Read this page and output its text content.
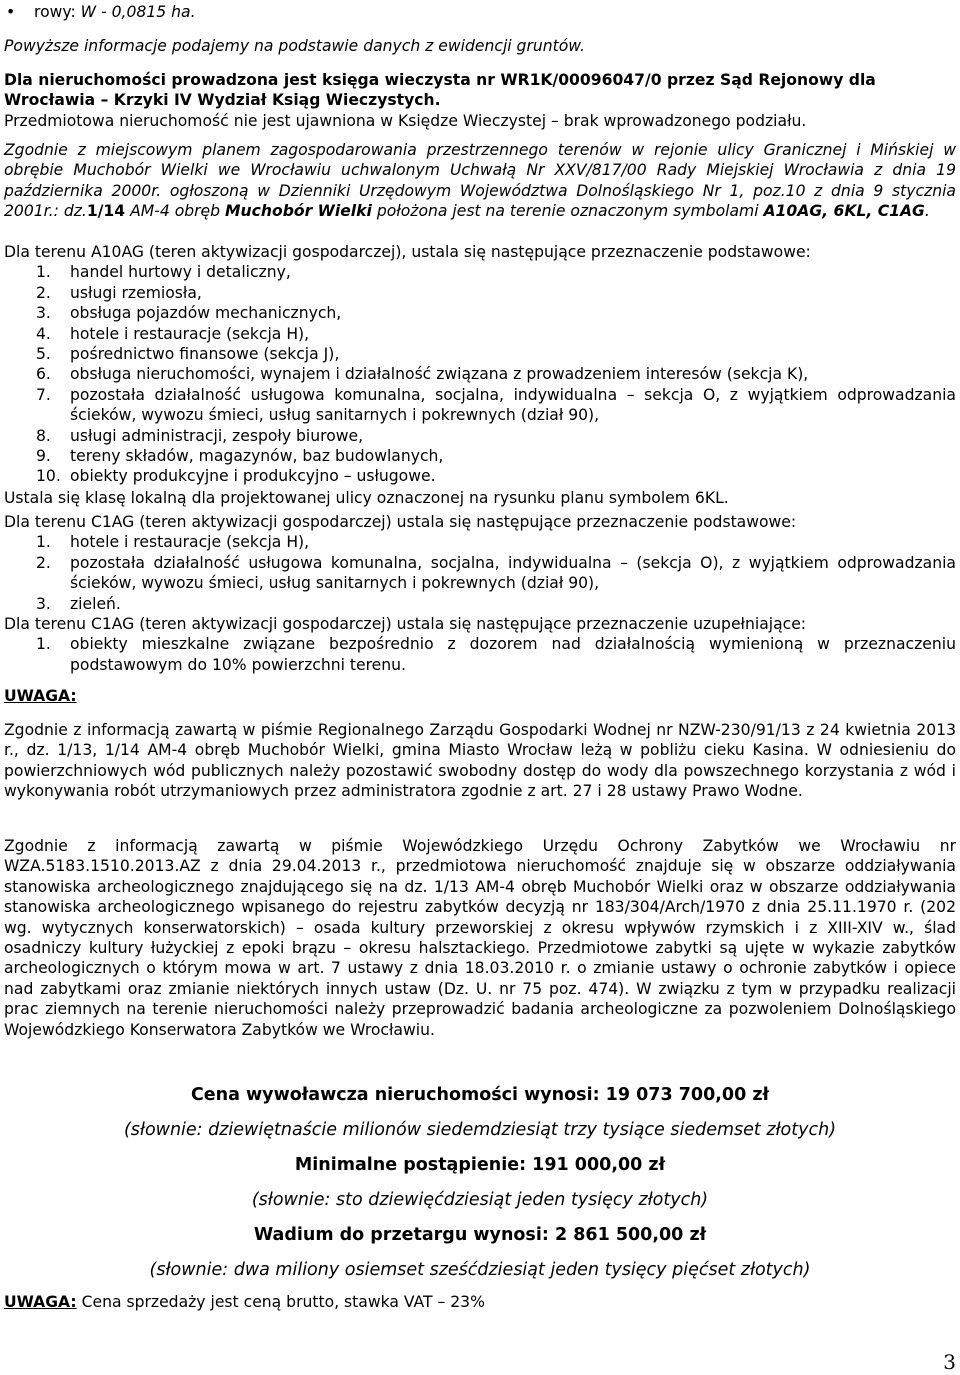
• rowy: W - 0,0815 ha.

Powyższe informacje podajemy na podstawie danych z ewidencji gruntów.

Dla nieruchomości prowadzona jest księga wieczysta nr WR1K/00096047/0 przez Sąd Rejonowy dla Wrocławia – Krzyki IV Wydział Ksiąg Wieczystych.

Przedmiotowa nieruchomość nie jest ujawniona w Księdze Wieczystej – brak wprowadzonego podziału.

Zgodnie z miejscowym planem zagospodarowania przestrzennego terenów w rejonie ulicy Granicznej i Mińskiej w obrębie Muchobór Wielki we Wrocławiu uchwalonym Uchwałą Nr XXV/817/00 Rady Miejskiej Wrocławia z dnia 19 października 2000r. ogłoszoną w Dzienniki Urzędowym Województwa Dolnośląskiego Nr 1, poz.10 z dnia 9 stycznia 2001r.: dz.1/14 AM-4 obręb Muchobór Wielki położona jest na terenie oznaczonym symbolami A10AG, 6KL, C1AG.

Dla terenu A10AG (teren aktywizacji gospodarczej), ustala się następujące przeznaczenie podstawowe:

1. handel hurtowy i detaliczny,
2. usługi rzemiosła,
3. obsługa pojazdów mechanicznych,
4. hotele i restauracje (sekcja H),
5. pośrednictwo finansowe (sekcja J),
6. obsługa nieruchomości, wynajem i działalność związana z prowadzeniem interesów (sekcja K),
7. pozostała działalność usługowa komunalna, socjalna, indywidualna – sekcja O, z wyjątkiem odprowadzania ścieków, wywozu śmieci, usług sanitarnych i pokrewnych (dział 90),
8. usługi administracji, zespoły biurowe,
9. tereny składów, magazynów, baz budowlanych,
10. obiekty produkcyjne i produkcyjno – usługowe.

Ustala się klasę lokalną dla projektowanej ulicy oznaczonej na rysunku planu symbolem 6KL.

Dla terenu C1AG (teren aktywizacji gospodarczej) ustala się następujące przeznaczenie podstawowe:

1. hotele i restauracje (sekcja H),
2. pozostała działalność usługowa komunalna, socjalna, indywidualna – (sekcja O), z wyjątkiem odprowadzania ścieków, wywozu śmieci, usług sanitarnych i pokrewnych (dział 90),
3. zieleń.

Dla terenu C1AG (teren aktywizacji gospodarczej) ustala się następujące przeznaczenie uzupełniające:

1. obiekty mieszkalne związane bezpośrednio z dozorem nad działalnością wymienioną w przeznaczeniu podstawowym do 10% powierzchni terenu.

UWAGA:

Zgodnie z informacją zawartą w piśmie Regionalnego Zarządu Gospodarki Wodnej nr NZW-230/91/13 z 24 kwietnia 2013 r., dz. 1/13, 1/14 AM-4 obręb Muchobór Wielki, gmina Miasto Wrocław leżą w pobliżu cieku Kasina. W odniesieniu do powierzchniowych wód publicznych należy pozostawić swobodny dostęp do wody dla powszechnego korzystania z wód i wykonywania robót utrzymaniowych przez administratora zgodnie z art. 27 i 28 ustawy Prawo Wodne.

Zgodnie z informacją zawartą w piśmie Wojewódzkiego Urzędu Ochrony Zabytków we Wrocławiu nr WZA.5183.1510.2013.AZ z dnia 29.04.2013 r., przedmiotowa nieruchomość znajduje się w obszarze oddziaływania stanowiska archeologicznego znajdującego się na dz. 1/13 AM-4 obręb Muchobór Wielki oraz w obszarze oddziaływania stanowiska archeologicznego wpisanego do rejestru zabytków decyzją nr 183/304/Arch/1970 z dnia 25.11.1970 r. (202 wg. wytycznych konserwatorskich) – osada kultury przeworskiej z okresu wpływów rzymskich i z XIII-XIV w., ślad osadniczy kultury łużyckiej z epoki brązu – okresu halsztackiego. Przedmiotowe zabytki są ujęte w wykazie zabytków archeologicznych o którym mowa w art. 7 ustawy z dnia 18.03.2010 r. o zmianie ustawy o ochronie zabytków i opiece nad zabytkami oraz zmianie niektórych innych ustaw (Dz. U. nr 75 poz. 474). W związku z tym w przypadku realizacji prac ziemnych na terenie nieruchomości należy przeprowadzić badania archeologiczne za pozwoleniem Dolnośląskiego Wojewódzkiego Konserwatora Zabytków we Wrocławiu.

Cena wywoławcza nieruchomości wynosi: 19 073 700,00 zł

(słownie: dziewiętnaście milionów siedemdziesiąt trzy tysiące siedemset złotych)

Minimalne postąpienie: 191 000,00 zł

(słownie: sto dziewięćdziesiąt jeden tysięcy złotych)

Wadium do przetargu wynosi: 2 861 500,00 zł

(słownie: dwa miliony osiemset sześćdziesiąt jeden tysięcy pięćset złotych)

UWAGA: Cena sprzedaży jest ceną brutto, stawka VAT – 23%

3
